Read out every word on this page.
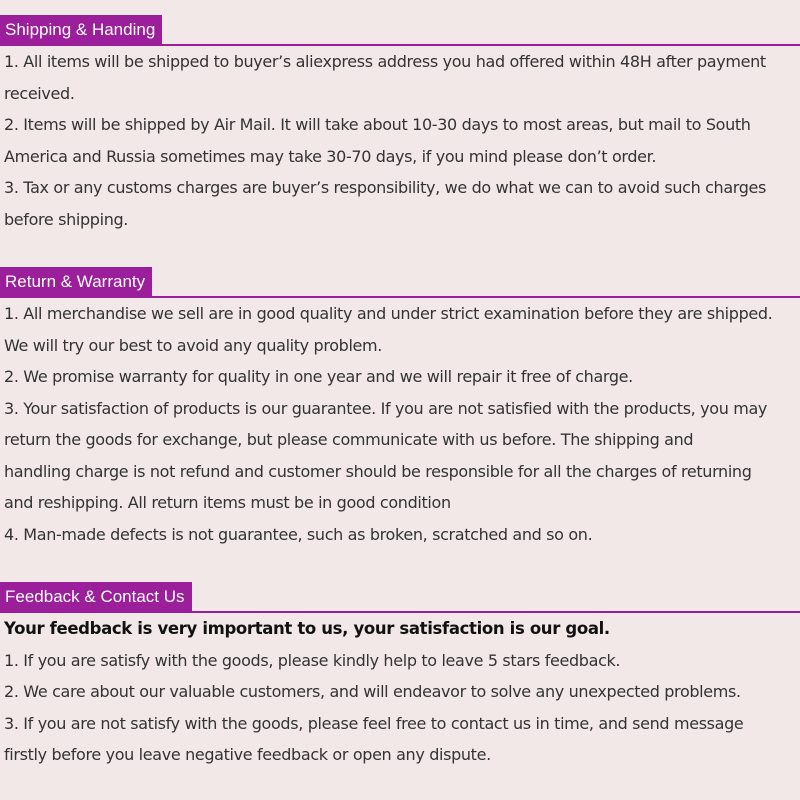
Shipping & Handing
1. All items will be shipped to buyer’s aliexpress address you had offered within 48H after payment
received.
2. Items will be shipped by Air Mail. It will take about 10-30 days to most areas, but mail to South
America and Russia sometimes may take 30-70 days, if you mind please don’t order.
3. Tax or any customs charges are buyer’s responsibility, we do what we can to avoid such charges
before shipping.
Return & Warranty
1. All merchandise we sell are in good quality and under strict examination before they are shipped.
We will try our best to avoid any quality problem.
2. We promise warranty for quality in one year and we will repair it free of charge.
3. Your satisfaction of products is our guarantee. If you are not satisfied with the products, you may
return the goods for exchange, but please communicate with us before. The shipping and
handling charge is not refund and customer should be responsible for all the charges of returning
and reshipping. All return items must be in good condition
4. Man-made defects is not guarantee, such as broken, scratched and so on.
Feedback & Contact Us
Your feedback is very important to us, your satisfaction is our goal.
1. If you are satisfy with the goods, please kindly help to leave 5 stars feedback.
2. We care about our valuable customers, and will endeavor to solve any unexpected problems.
3. If you are not satisfy with the goods, please feel free to contact us in time, and send message
firstly before you leave negative feedback or open any dispute.
